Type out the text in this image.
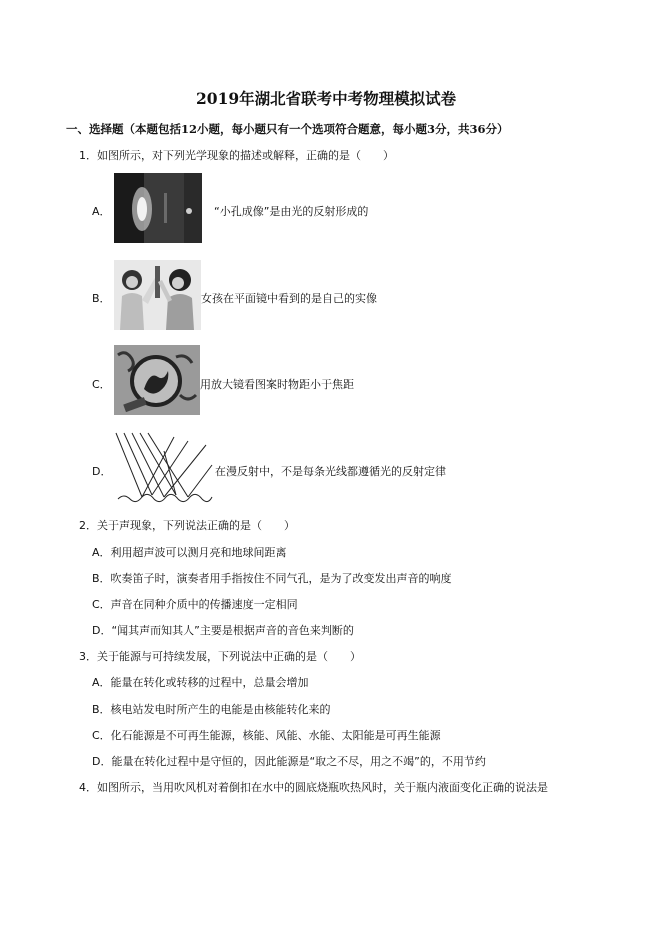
2019年湖北省联考中考物理模拟试卷
一、选择题（本题包括12小题，每小题只有一个选项符合题意，每小题3分，共36分）
1．如图所示，对下列光学现象的描述或解释，正确的是（　　）
A．	“小孔成像”是由光的反射形成的
B．	女孩在平面镜中看到的是自己的实像
C．	用放大镜看图案时物距小于焦距
D．	在漫反射中，不是每条光线都遵循光的反射定律
2．关于声现象，下列说法正确的是（　　）
A．利用超声波可以测月亮和地球间距离
B．吹奏笛子时，演奏者用手指按住不同气孔，是为了改变发出声音的响度
C．声音在同种介质中的传播速度一定相同
D．“闻其声而知其人”主要是根据声音的音色来判断的
3．关于能源与可持续发展，下列说法中正确的是（　　）
A．能量在转化或转移的过程中，总量会增加
B．核电站发电时所产生的电能是由核能转化来的
C．化石能源是不可再生能源，核能、风能、水能、太阳能是可再生能源
D．能量在转化过程中是守恒的，因此能源是“取之不尽，用之不竭”的，不用节约
4．如图所示，当用吹风机对着倒扣在水中的圆底烧瓶吹热风时，关于瓶内液面变化正确的说法是
